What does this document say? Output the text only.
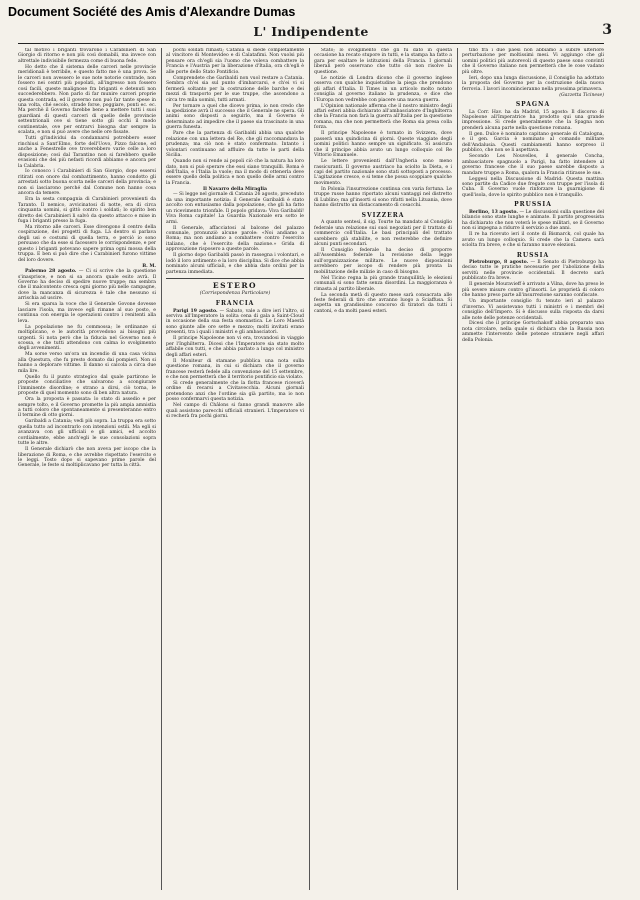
Document Société des Amis d'Alexandre Dumas
L' Indipendente	3

tal motivo i briganti trovarono i Carabinieri di San Giorgio di ritorno e non più così domabili, ma invece con altrettale indivisibile fermezza come di buona fede.

Ho detto che il sistema delle carceri nelle provincie meridionali è terribile, e questo fatto me è una prova. Se le carceri non avessero le sue note notorie contrade, non fossero nei centri più popolati, all'ingresso non fossero così facili, queste malignose fra briganti e detenuti non succederebbero. Non parlo di far munire carceri proprie questa contrada, ed il governo non può far tante spese in una volta, ché secolo, strade forse, poggiare, ponti ec. ec. Ma perchè il Governo farebbe bene a mettere tutti i suoi guardiani di questi carceri di quelle delle provincie settentrionali ove si tiene sotto gli occhi il modo continentale, ove per entrarvi bisogna dar sempre la scalata, e non si può avere che nelle ore fissate.

Tutti gl'individui da condannarsi potrebbero esser rinchiusi a Sant'Elmo, forte dell'Uovo, Pizzo falcone, ed anche a Fenestrelle ove troverebbero varie celle a loro disposizione; così dal Tarantino non si farebbero quelle evasioni che dei più nefasti ricordi abbiamo e ancora per la Calabria.

Io conosco i Carabinieri di San Giorgio, dopo essersi ritirati con onore dal combattimento, hanno condotto gli arrestati sotto buona scorta nelle carceri della provincia; e non si lasciarono perché dal Comune non hanno cosa ancora da temere.

Era la sesta compagnia di Carabinieri provenienti da Taranto. Il nemico, avvicinatosi di notte, era di circa cinquanta uomini, si gittò contro i soldati; lo spirito ben diretto dei Carabinieri li salvò da questo attacco e mise in fuga i briganti presso la fuga.

Ma ritorno alle carceri. Esse divengono il centro della cospirazione, dei progetti di fuga. Là dentro si parlava degli usi e costumi di quella terra, e perciò io sono persuaso che da esse si facessero le corrispondenze, e per questo i briganti potevano sapere prima ogni mossa della truppa. E ben si può dire che i Carabinieri furono vittime del loro dovere.

B. M.

Palermo 28 agosto. — Ci si scrive che la questione s'inasprisce, e non si sa ancora quale esito avrà. Il Governo ha deciso di spedire nuove truppe; ma sembra che il malcontento cresca ogni giorno più nelle campagne, dove la mancanza di sicurezza è tale che nessuno si arrischia ad uscire.

Si era sparsa la voce che il Generale Govone dovesse lasciare l'isola, ma invece egli rimane al suo posto, e continua con energia le operazioni contro i renitenti alla leva.

La popolazione ne fu commossa; le ordinanze si moltiplicano, e le autorità provvedono ai bisogni più urgenti. Si nota però che la fiducia nel Governo non è scossa, e che tutti attendono con calma lo svolgimento degli avvenimenti.

Ma sorse verso un'ora un incendio di una casa vicina alla Questura, che fu presto domato dai pompieri. Non si hanno a deplorare vittime. Il danno si calcola a circa due mila lire.

Quello fu il punto strategico dal quale partirono le proposte conciliative che salvarono a scongiurare l'imminente disordine; e strano a dirsi, ciò torna, le proposte di quel momento sono di ben altra natura.

Ora la proposta è passata: lo stato di assedio e per sempre tolto, e il Governo promette la più ampia amnistia a tutti coloro che spontaneamente si presenteranno entro il termine di otto giorni.

Garibaldi a Catania; vedi più sopra. La truppa era sotto quella tutto ad incontrarlo con intenzioni ostili. Ma egli si avanzava con gli ufficiali e gli amici, ed accolto cordialmente, ebbe anch'egli le sue consolazioni sopra tutte le altre.

Il Generale dichiarò che non aveva per iscopo che la liberazione di Roma, e che avrebbe rispettato l'esercito e le leggi. Tosto dopo si sapevano prime parole del Generale, le feste si moltiplicavano per tutta la città.

pochi soldati rimasti; Catania si diede completamente al vincitore di Montevideo e di Calatafimi. Non vuolsi più pensare ora ch'egli sia l'uomo che voleva combattere la Francia e l'Austria per la liberazione d'Italia, ora ch'egli è alle porte dello Stato Pontificio.

Comprendete che Garibaldi non vuol restare a Catania. Sembra ch'ei sia sul punto d'imbarcarsi, e ch'ei vi si fermerà soltanto per la costruzione delle barche e dei mezzi di trasporto per le sue truppe, che ascendono a circa tre mila uomini, tutti armati.

Per tornare a quel che dicevo prima, io non credo che la spedizione avrà il successo che il Generale ne spera. Gli animi sono disposti a seguirlo, ma il Governo è determinato ad impedire che il paese sia trascinato in una guerra funesta.

Pare che la partenza di Garibaldi abbia una qualche relazione con una lettera del Re, che gli raccomandava la prudenza; ma ciò non è stato confermato. Intanto i volontari continuano ad affluire da tutte le parti della Sicilia.

Quando non si rende ai popoli ciò che la natura ha loro dato, non si può sperare che essi siano tranquilli. Roma è dell'Italia, e l'Italia la vuole; ma il modo di ottenerla deve essere quello della politica e non quello delle armi contro la Francia.

Il Navarro della Miraglia

— Si legge nel giornale di Catania 26 agosto, preceduto da una importante notizia: il Generale Garibaldi è stato accolto con entusiasmo dalla popolazione, che gli ha fatto un ricevimento trionfale. Il popolo gridava: Viva Garibaldi! Viva Roma capitale! La Guardia Nazionale era sotto le armi.

Il Generale, affacciatosi al balcone del palazzo comunale, pronunziò alcune parole: «Noi andiamo a Roma; ma non andiamo a combattere contro l'esercito italiano, che è l'esercito della nazione.» Grida di approvazione risposero a queste parole.

Il giorno dopo Garibaldi passò in rassegna i volontari, e lodò il loro ardimento e la loro disciplina. Si dice che abbia nominato alcuni ufficiali, e che abbia dato ordini per la partenza immediata.

ESTERO
(Corrispondenza Particolare)
FRANCIA

Parigi 19 agosto. — Sabato, vale a dire ieri l'altro, si serviva all'Imperatore la solita cena di gala a Saint-Cloud in occasione della sua festa onomastica. Le Loro Maestà sono giunte alle ore sette e mezzo; molti invitati erano presenti, tra i quali i ministri e gli ambasciatori.

Il principe Napoleone non vi era, trovandosi in viaggio per l'Inghilterra. Dicesi che l'Imperatore sia stato molto affabile con tutti, e che abbia parlato a lungo col ministro degli affari esteri.

Il Moniteur di stamane pubblica una nota sulla questione romana, in cui si dichiara che il governo francese resterà fedele alla convenzione del 15 settembre, e che non permetterà che il territorio pontificio sia violato.

Si crede generalmente che la flotta francese riceverà ordine di recarsi a Civitavecchia. Alcuni giornali pretendono anzi che l'ordine sia già partito, ma io non posso confermarvi questa notizia.

Nel campo di Châlons si fanno grandi manovre alle quali assistono parecchi ufficiali stranieri. L'Imperatore vi si recherà fra pochi giorni.

Stato; lo svolgimento che gli fu dato in questa occasione ha recato stupore in tutti, e la stampa ha fatto a gara per esaltare le istituzioni della Francia. I giornali liberali però osservano che tutto ciò non risolve la questione.

Le notizie di Londra dicono che il governo inglese osserva con qualche inquietudine la piega che prendono gli affari d'Italia. Il Times in un articolo molto notato consiglia al governo italiano la prudenza, e dice che l'Europa non vedrebbe con piacere una nuova guerra.

L'Opinion nationale afferma che il nostro ministro degli affari esteri abbia dichiarato all'ambasciatore d'Inghilterra che la Francia non farà la guerra all'Italia per la questione romana, ma che non permetterà che Roma sia presa colla forza.

Il principe Napoleone è tornato in Svizzera, dove passerà una quindicina di giorni. Queste viaggiate degli uomini politici hanno sempre un significato. Si assicura che il principe abbia avuto un lungo colloquio col Re Vittorio Emanuele.

Le lettere provenienti dall'Ungheria sono meno rassicuranti. Il governo austriaco ha sciolto la Dieta, e i capi del partito nazionale sono stati sottoposti a processo. L'agitazione cresce, e si teme che possa scoppiare qualche movimento.

In Polonia l'insurrezione continua con varia fortuna. Le truppe russe hanno riportato alcuni vantaggi nel distretto di Lublino; ma gl'insorti si sono rifatti nella Lituania, dove hanno distrutto un distaccamento di cosacchi.

SVIZZERA

A quanto sentesi, il sig. Tourte ha mandato al Consiglio federale una relazione sui suoi negoziati per il trattato di commercio coll'Italia. Le basi principali del trattato sarebbero già stabilite, e non resterebbe che definire alcuni punti secondari.

Il Consiglio federale ha deciso di proporre all'Assemblea federale la revisione della legge sull'organizzazione militare. Le nuove disposizioni avrebbero per iscopo di rendere più pronta la mobilitazione delle milizie in caso di bisogno.

Nel Ticino regna la più grande tranquillità; le elezioni comunali si sono fatte senza disordini. La maggioranza è rimasta al partito liberale.

La seconda metà di questo mese sarà consacrata alle feste federali di tiro che avranno luogo a Sciaffusa. Si aspetta un grandissimo concorso di tiratori da tutti i cantoni, e da molti paesi esteri.

tino fra i due paesi non abbiamo a subire ulteriore perturbazione per moltissimi mesi. Vi aggiungo che gli uomini politici più autorevoli di questo paese sono convinti che il Governo italiano non permetterà che le cose vadano più oltre.

Ieri, dopo una lunga discussione, il Consiglio ha adottato la proposta del Governo per la costruzione della nuova ferrovia. I lavori incomincieranno nella prossima primavera.

(Gazzetta Ticinese)
SPAGNA

La Corr. Hav. ha da Madrid, 15 agosto: Il discorso di Napoleone all'Imperatrice ha prodotto qui una grande impressione. Si crede generalmente che la Spagna non prenderà alcuna parte nella questione romana.

Il gen. Dulce è nominato capitano generale di Catalogna, e il gen. Garcia è nominato al comando militare dell'Andalusia. Questi cambiamenti hanno sorpreso il pubblico, che non se li aspettava.

Secondo Les Nouvelles, il generale Concha, ambasciatore spagnuolo a Parigi, ha fatto intendere al governo francese che il suo paese sarebbe disposto a mandare truppe a Roma, qualora la Francia ritirasse le sue.

Leggesi nella Discussione di Madrid: Questa mattina sono partite da Cadice due fregate con truppe per l'isola di Cuba. Il Governo vuole rinforzare la guarnigione di quell'isola, dove lo spirito pubblico non è tranquillo.

PRUSSIA

Berlino, 13 agosto. — Le discussioni sulla questione del bilancio sono state lunghe e animate. Il partito progressista ha dichiarato che non voterà le spese militari, se il Governo non si impegna a ridurre il servizio a due anni.

Il re ha ricevuto ieri il conte di Bismarck, col quale ha avuto un lungo colloquio. Si crede che la Camera sarà sciolta fra breve, e che si faranno nuove elezioni.

RUSSIA

Pietroburgo, 8 agosto. — Il Senato di Pietroburgo ha deciso tutte le pratiche necessarie per l'abolizione della servitù nelle provincie occidentali. Il decreto sarà pubblicato fra breve.

Il generale Mouravieff è arrivato a Vilna, dove ha preso le più severe misure contro gl'insorti. Le proprietà di coloro che hanno preso parte all'insurrezione saranno confiscate.

Un importante consiglio fu tenuto ieri al palazzo d'inverno. Vi assistevano tutti i ministri e i membri del consiglio dell'Impero. Si è discusso sulla risposta da darsi alle note delle potenze occidentali.

Dicesi che il principe Gortschakoff abbia preparato una nota circolare, nella quale si dichiara che la Russia non ammette l'intervento delle potenze straniere negli affari della Polonia.
